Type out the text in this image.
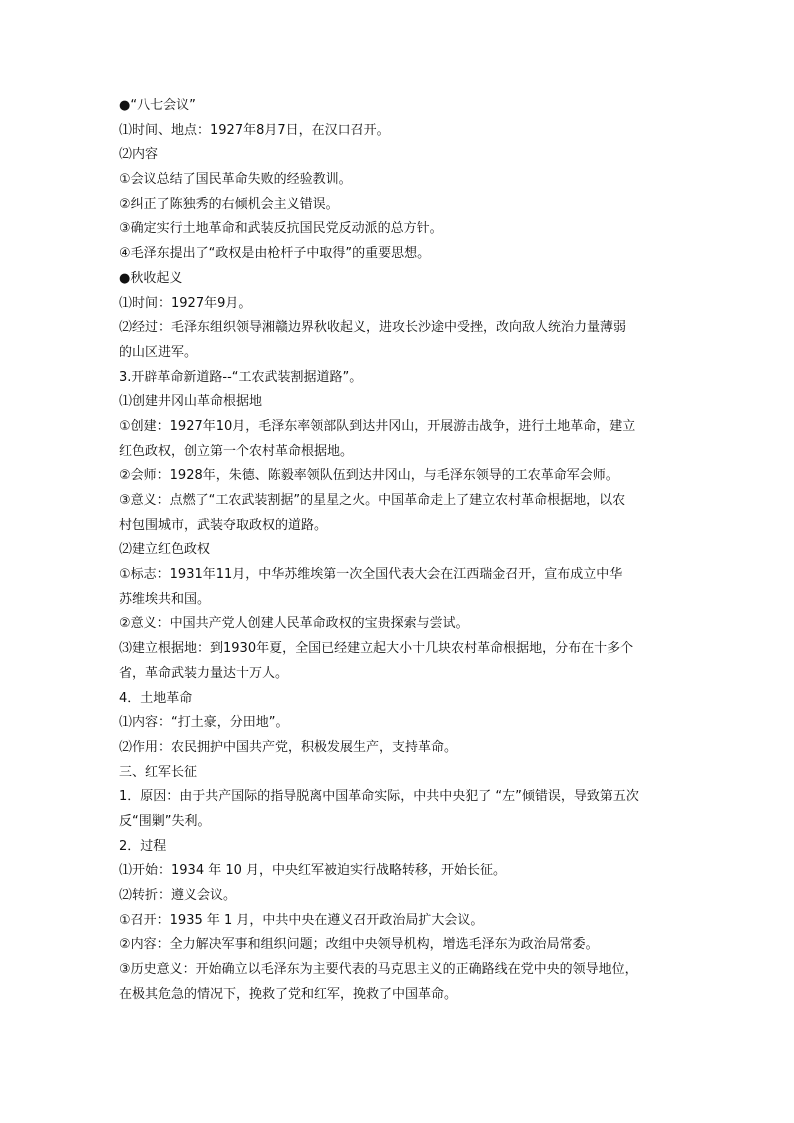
●“八七会议”
⑴时间、地点：1927年8月7日，在汉口召开。
⑵内容
①会议总结了国民革命失败的经验教训。
②纠正了陈独秀的右倾机会主义错误。
③确定实行土地革命和武装反抗国民党反动派的总方针。
④毛泽东提出了“政权是由枪杆子中取得”的重要思想。
●秋收起义
⑴时间：1927年9月。
⑵经过：毛泽东组织领导湘赣边界秋收起义，进攻长沙途中受挫，改向敌人统治力量薄弱
的山区进军。
3.开辟革命新道路--“工农武装割据道路”。
⑴创建井冈山革命根据地
①创建：1927年10月，毛泽东率领部队到达井冈山，开展游击战争，进行土地革命，建立
红色政权，创立第一个农村革命根据地。
②会师：1928年，朱德、陈毅率领队伍到达井冈山，与毛泽东领导的工农革命军会师。
③意义：点燃了“工农武装割据”的星星之火。中国革命走上了建立农村革命根据地，以农
村包围城市，武装夺取政权的道路。
⑵建立红色政权
①标志：1931年11月，中华苏维埃第一次全国代表大会在江西瑞金召开，宣布成立中华
苏维埃共和国。
②意义：中国共产党人创建人民革命政权的宝贵探索与尝试。
⑶建立根据地：到1930年夏，全国已经建立起大小十几块农村革命根据地，分布在十多个
省，革命武装力量达十万人。
4．土地革命
⑴内容：“打土豪，分田地”。
⑵作用：农民拥护中国共产党，积极发展生产，支持革命。
三、红军长征
1．原因：由于共产国际的指导脱离中国革命实际，中共中央犯了 “左”倾错误，导致第五次
反“围剿”失利。
2．过程
⑴开始：1934 年 10 月，中央红军被迫实行战略转移，开始长征。
⑵转折：遵义会议。
①召开：1935 年 1 月，中共中央在遵义召开政治局扩大会议。
②内容：全力解决军事和组织问题；改组中央领导机构，增选毛泽东为政治局常委。
③历史意义：开始确立以毛泽东为主要代表的马克思主义的正确路线在党中央的领导地位，
在极其危急的情况下，挽救了党和红军，挽救了中国革命。
